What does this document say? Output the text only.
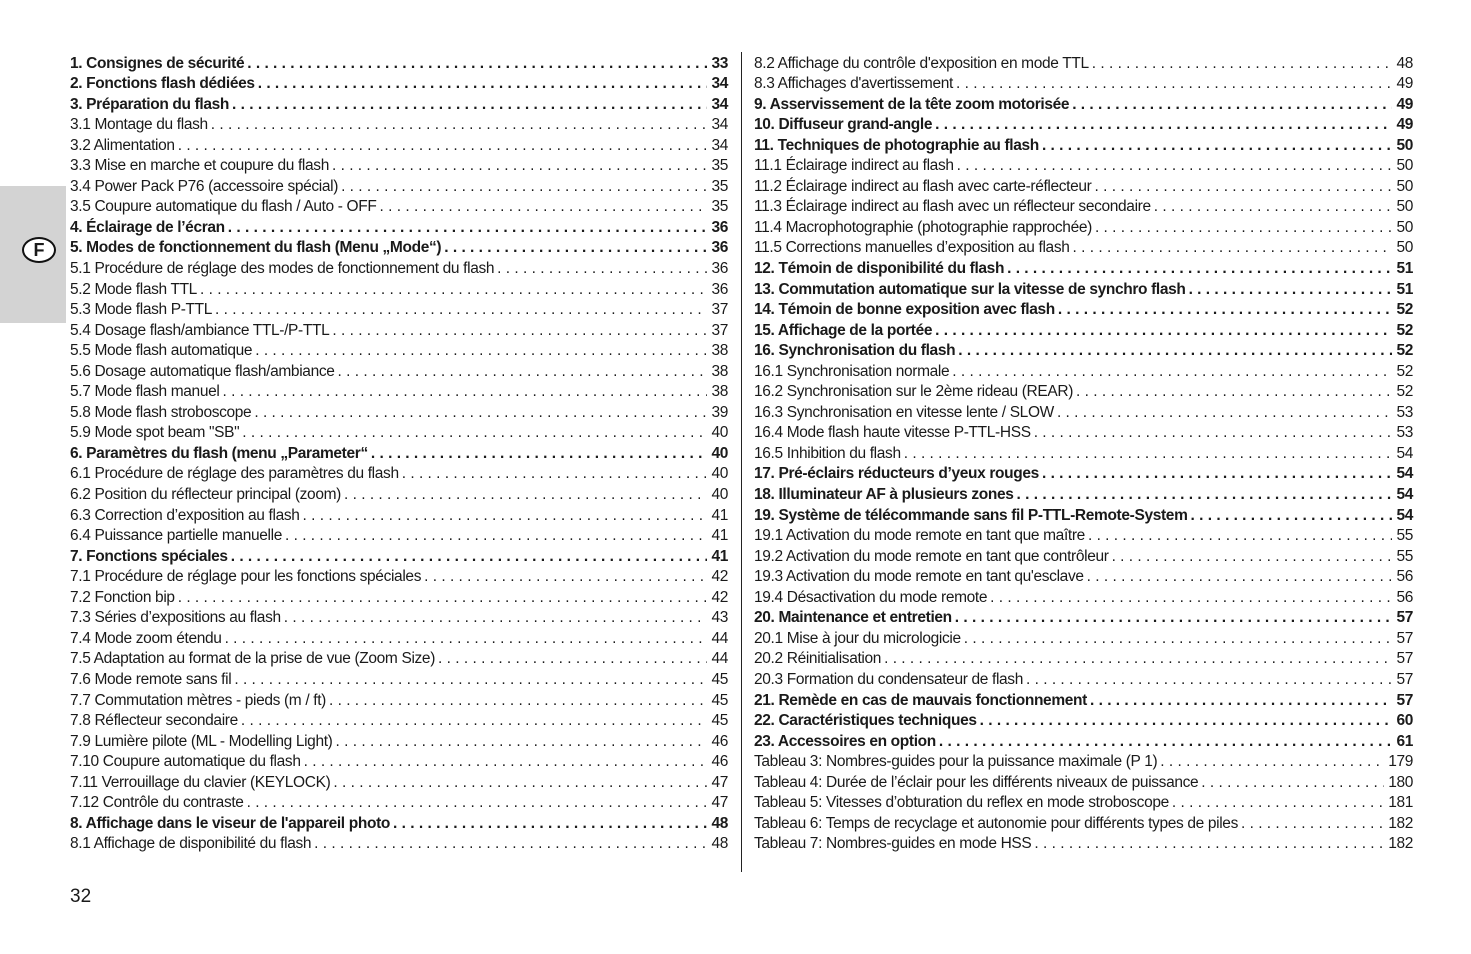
F
1. Consignes de sécurité . . .	33
2. Fonctions flash dédiées . . .	34
3. Préparation du flash . . .	34
3.1 Montage du flash . . .	34
3.2 Alimentation . . .	34
3.3 Mise en marche et coupure du flash . . .	35
3.4 Power Pack P76 (accessoire spécial) . . .	35
3.5 Coupure automatique du flash / Auto - OFF . . .	35
4. Éclairage de l’écran . . .	36
5. Modes de fonctionnement du flash (Menu „Mode“) . . .	36
5.1 Procédure de réglage des modes de fonctionnement du flash . . .	36
5.2 Mode flash TTL . . .	36
5.3 Mode flash P-TTL . . .	37
5.4 Dosage flash/ambiance TTL-/P-TTL . . .	37
5.5 Mode flash automatique . . .	38
5.6 Dosage automatique flash/ambiance . . .	38
5.7 Mode flash manuel . . .	38
5.8 Mode flash stroboscope . . .	39
5.9 Mode spot beam "SB" . . .	40
6. Paramètres du flash (menu „Parameter“ . . .	40
6.1 Procédure de réglage des paramètres du flash . . .	40
6.2 Position du réflecteur principal (zoom) . . .	40
6.3 Correction d’exposition au flash . . .	41
6.4 Puissance partielle manuelle . . .	41
7. Fonctions spéciales . . .	41
7.1 Procédure de réglage pour les fonctions spéciales . . .	42
7.2 Fonction bip . . .	42
7.3 Séries d’expositions au flash . . .	43
7.4 Mode zoom étendu . . .	44
7.5 Adaptation au format de la prise de vue (Zoom Size) . . .	44
7.6 Mode remote sans fil . . .	45
7.7 Commutation mètres - pieds (m / ft) . . .	45
7.8 Réflecteur secondaire . . .	45
7.9 Lumière pilote (ML - Modelling Light) . . .	46
7.10 Coupure automatique du flash . . .	46
7.11 Verrouillage du clavier (KEYLOCK) . . .	47
7.12 Contrôle du contraste . . .	47
8. Affichage dans le viseur de l'appareil photo . . .	48
8.1 Affichage de disponibilité du flash . . .	48
8.2 Affichage du contrôle d'exposition en mode TTL . . .	48
8.3 Affichages d'avertissement . . .	49
9. Asservissement de la tête zoom motorisée . . .	49
10. Diffuseur grand-angle . . .	49
11. Techniques de photographie au flash . . .	50
11.1 Éclairage indirect au flash . . .	50
11.2 Éclairage indirect au flash avec carte-réflecteur . . .	50
11.3 Éclairage indirect au flash avec un réflecteur secondaire . . .	50
11.4 Macrophotographie (photographie rapprochée) . . .	50
11.5 Corrections manuelles d’exposition au flash . . .	50
12. Témoin de disponibilité du flash . . .	51
13. Commutation automatique sur la vitesse de synchro flash . . .	51
14. Témoin de bonne exposition avec flash . . .	52
15. Affichage de la portée . . .	52
16. Synchronisation du flash . . .	52
16.1 Synchronisation normale . . .	52
16.2 Synchronisation sur le 2ème rideau (REAR) . . .	52
16.3 Synchronisation en vitesse lente / SLOW . . .	53
16.4 Mode flash haute vitesse P-TTL-HSS . . .	53
16.5 Inhibition du flash . . .	54
17. Pré-éclairs réducteurs d’yeux rouges . . .	54
18. Illuminateur AF à plusieurs zones . . .	54
19. Système de télécommande sans fil P-TTL-Remote-System . . .	54
19.1 Activation du mode remote en tant que maître . . .	55
19.2 Activation du mode remote en tant que contrôleur . . .	55
19.3 Activation du mode remote en tant qu'esclave . . .	56
19.4 Désactivation du mode remote . . .	56
20. Maintenance et entretien . . .	57
20.1 Mise à jour du micrologicie . . .	57
20.2 Réinitialisation . . .	57
20.3 Formation du condensateur de flash . . .	57
21. Remède en cas de mauvais fonctionnement . . .	57
22. Caractéristiques techniques . . .	60
23. Accessoires en option . . .	61
Tableau 3: Nombres-guides pour la puissance maximale (P 1) . . .	179
Tableau 4: Durée de l’éclair pour les différents niveaux de puissance . . .	180
Tableau 5: Vitesses d’obturation du reflex en mode stroboscope . . .	181
Tableau 6: Temps de recyclage et autonomie pour différents types de piles . . .	182
Tableau 7: Nombres-guides en mode HSS . . .	182
32
